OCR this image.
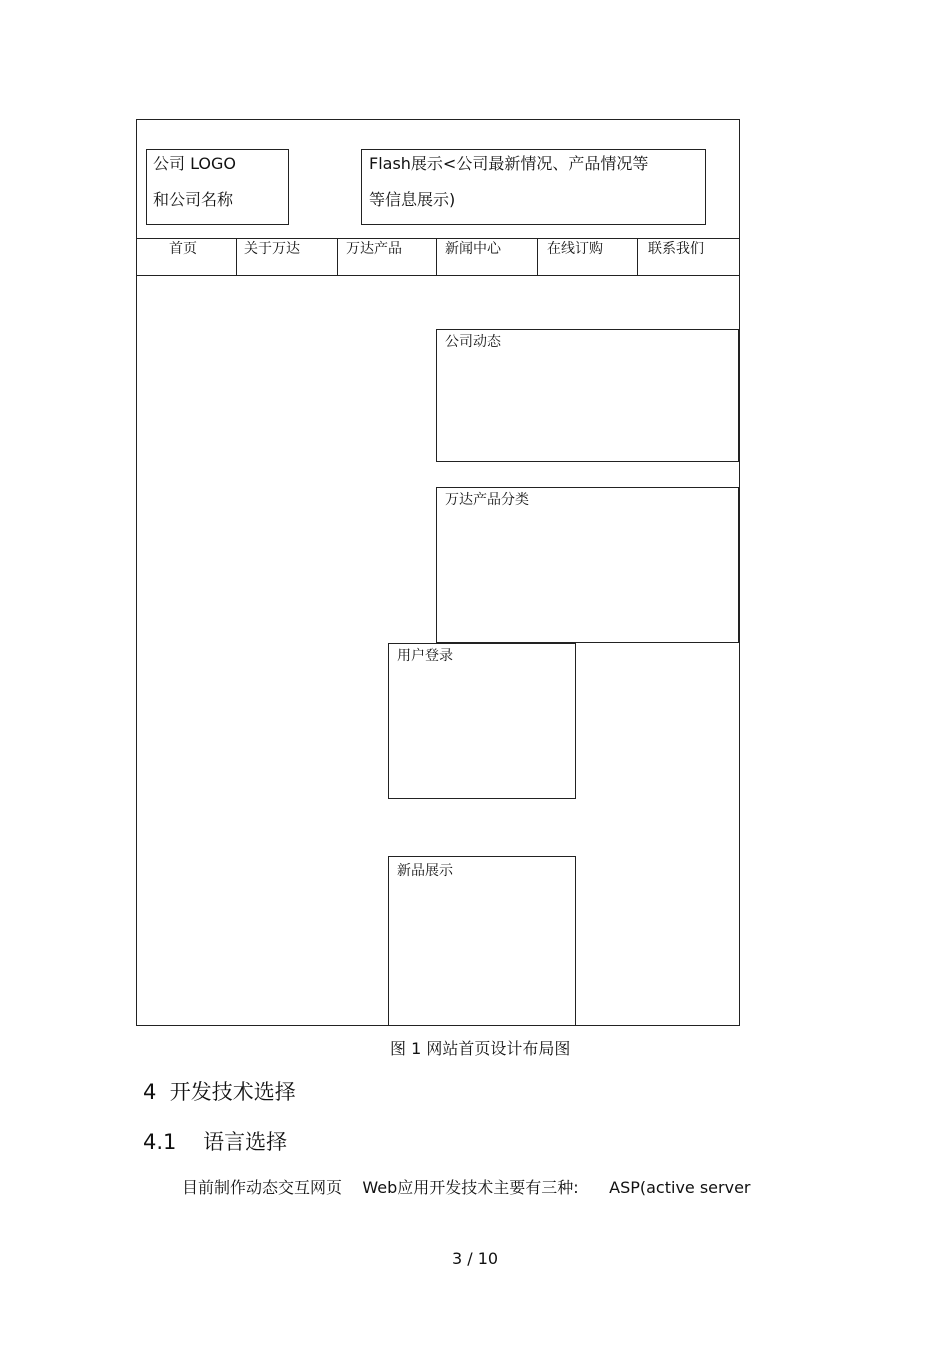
公司 LOGO
和公司名称
Flash展示<公司最新情况、产品情况等
等信息展示)
首页	关于万达	万达产品	新闻中心	在线订购	联系我们
公司动态
万达产品分类
用户登录
新品展示
图 1 网站首页设计布局图
4  开发技术选择
4.1    语言选择
目前制作动态交互网页    Web应用开发技术主要有三种:      ASP(active server
3 / 10
